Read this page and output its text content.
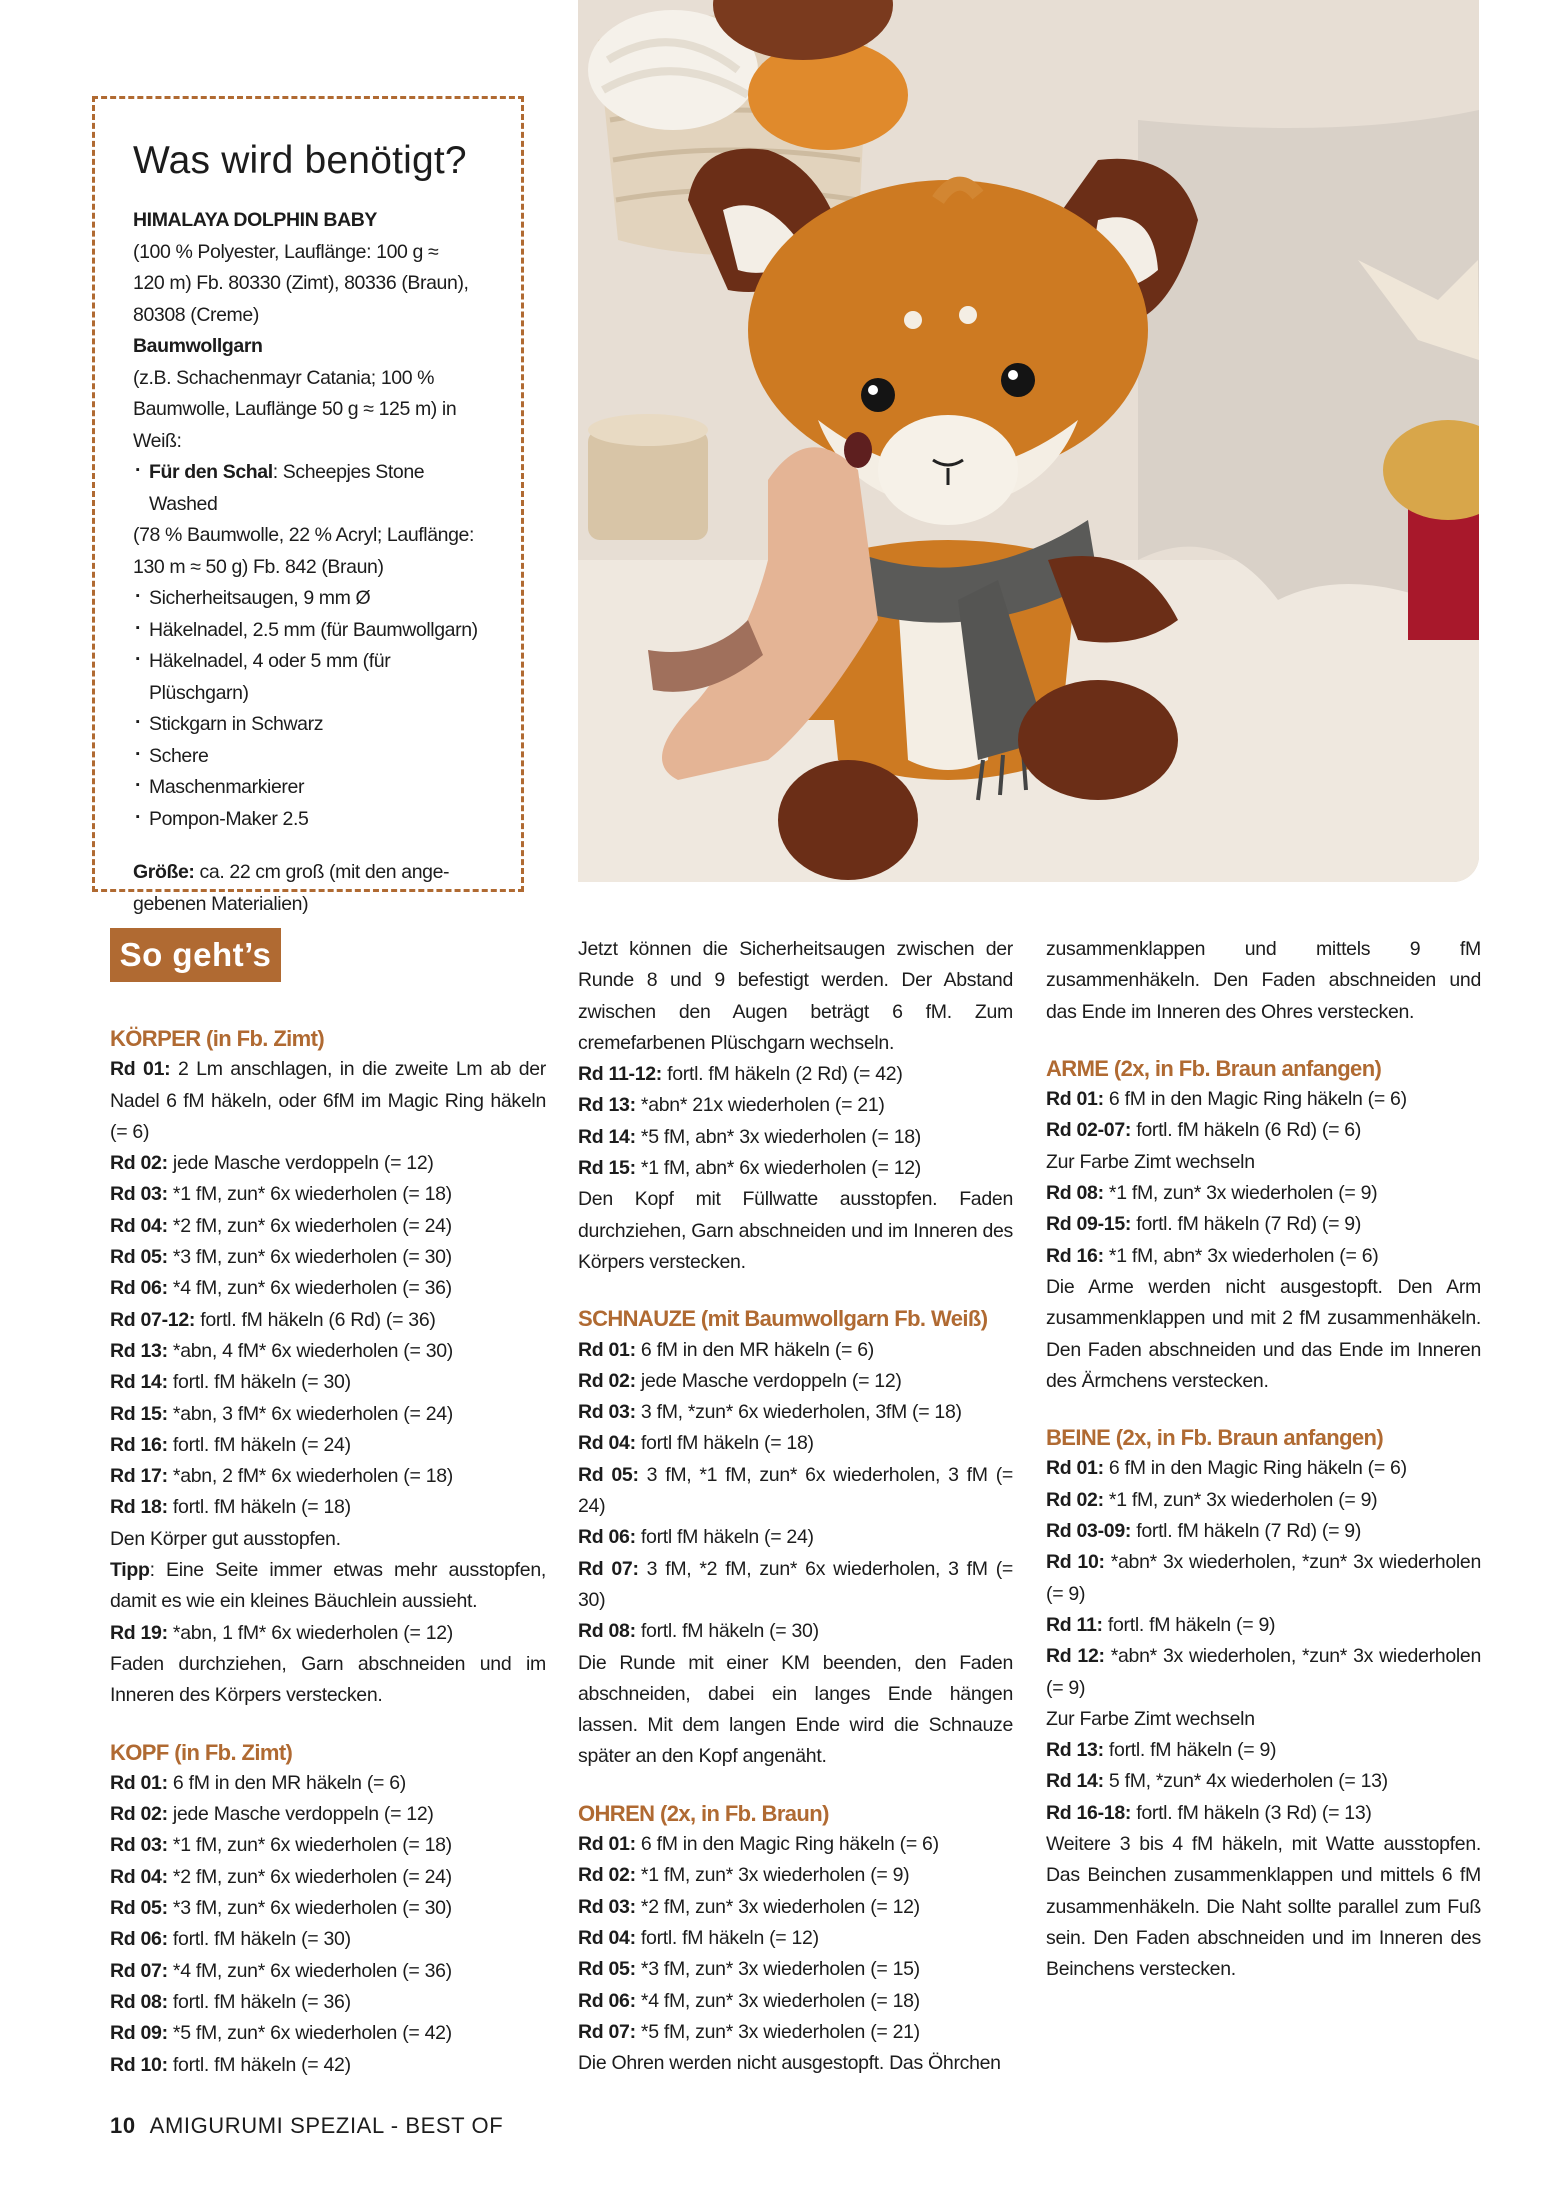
Was wird benötigt?
HIMALAYA DOLPHIN BABY
(100 % Polyester, Lauflänge: 100 g ≈
120 m) Fb. 80330 (Zimt), 80336 (Braun),
80308 (Creme)
Baumwollgarn
(z.B. Schachenmayr Catania; 100 %
Baumwolle, Lauflänge 50 g ≈ 125 m) in
Weiß:
· Für den Schal: Scheepjes Stone Washed
(78 % Baumwolle, 22 % Acryl; Lauflänge:
130 m ≈ 50 g) Fb. 842 (Braun)
· Sicherheitsaugen, 9 mm Ø
· Häkelnadel, 2.5 mm (für Baumwollgarn)
· Häkelnadel, 4 oder 5 mm (für Plüschgarn)
· Stickgarn in Schwarz
· Schere
· Maschenmarkierer
· Pompon-Maker 2.5
Größe: ca. 22 cm groß (mit den ange-
gebenen Materialien)
So geht’s
KÖRPER (in Fb. Zimt)

Rd 01: 2 Lm anschlagen, in die zweite Lm ab der Nadel 6 fM häkeln, oder 6fM im Magic Ring häkeln (= 6)

Rd 02: jede Masche verdoppeln (= 12)
Rd 03: *1 fM, zun* 6x wiederholen (= 18)
Rd 04: *2 fM, zun* 6x wiederholen (= 24)
Rd 05: *3 fM, zun* 6x wiederholen (= 30)
Rd 06: *4 fM, zun* 6x wiederholen (= 36)
Rd 07-12: fortl. fM häkeln (6 Rd) (= 36)
Rd 13: *abn, 4 fM* 6x wiederholen (= 30)
Rd 14: fortl. fM häkeln (= 30)
Rd 15: *abn, 3 fM* 6x wiederholen (= 24)
Rd 16: fortl. fM häkeln (= 24)
Rd 17: *abn, 2 fM* 6x wiederholen (= 18)
Rd 18: fortl. fM häkeln (= 18)
Den Körper gut ausstopfen.

Tipp: Eine Seite immer etwas mehr ausstopfen, damit es wie ein kleines Bäuchlein aussieht.

Rd 19: *abn, 1 fM* 6x wiederholen (= 12)

Faden durchziehen, Garn abschneiden und im Inneren des Körpers verstecken.

KOPF (in Fb. Zimt)
Rd 01: 6 fM in den MR häkeln (= 6)
Rd 02: jede Masche verdoppeln (= 12)
Rd 03: *1 fM, zun* 6x wiederholen (= 18)
Rd 04: *2 fM, zun* 6x wiederholen (= 24)
Rd 05: *3 fM, zun* 6x wiederholen (= 30)
Rd 06: fortl. fM häkeln (= 30)
Rd 07: *4 fM, zun* 6x wiederholen (= 36)
Rd 08: fortl. fM häkeln (= 36)
Rd 09: *5 fM, zun* 6x wiederholen (= 42)
Rd 10: fortl. fM häkeln (= 42)

Jetzt können die Sicherheitsaugen zwischen der Runde 8 und 9 befestigt werden. Der Abstand zwischen den Augen beträgt 6 fM. Zum cremefarbenen Plüschgarn wechseln.

Rd 11-12: fortl. fM häkeln (2 Rd) (= 42)
Rd 13: *abn* 21x wiederholen (= 21)
Rd 14: *5 fM, abn* 3x wiederholen (= 18)
Rd 15: *1 fM, abn* 6x wiederholen (= 12)

Den Kopf mit Füllwatte ausstopfen. Faden durchziehen, Garn abschneiden und im Inneren des Körpers verstecken.

SCHNAUZE (mit Baumwollgarn Fb. Weiß)
Rd 01: 6 fM in den MR häkeln (= 6)
Rd 02: jede Masche verdoppeln (= 12)
Rd 03: 3 fM, *zun* 6x wiederholen, 3fM (= 18)
Rd 04: fortl fM häkeln (= 18)

Rd 05: 3 fM, *1 fM, zun* 6x wiederholen, 3 fM (= 24)

Rd 06: fortl fM häkeln (= 24)

Rd 07: 3 fM, *2 fM, zun* 6x wiederholen, 3 fM (= 30)

Rd 08: fortl. fM häkeln (= 30)

Die Runde mit einer KM beenden, den Faden abschneiden, dabei ein langes Ende hängen lassen. Mit dem langen Ende wird die Schnauze später an den Kopf angenäht.

OHREN (2x, in Fb. Braun)
Rd 01: 6 fM in den Magic Ring häkeln (= 6)
Rd 02: *1 fM, zun* 3x wiederholen (= 9)
Rd 03: *2 fM, zun* 3x wiederholen (= 12)
Rd 04: fortl. fM häkeln (= 12)
Rd 05: *3 fM, zun* 3x wiederholen (= 15)
Rd 06: *4 fM, zun* 3x wiederholen (= 18)
Rd 07: *5 fM, zun* 3x wiederholen (= 21)
Die Ohren werden nicht ausgestopft. Das Öhrchen

zusammenklappen und mittels 9 fM zusammenhäkeln. Den Faden abschneiden und das Ende im Inneren des Ohres verstecken.

ARME (2x, in Fb. Braun anfangen)
Rd 01: 6 fM in den Magic Ring häkeln (= 6)
Rd 02-07: fortl. fM häkeln (6 Rd) (= 6)
Zur Farbe Zimt wechseln
Rd 08: *1 fM, zun* 3x wiederholen (= 9)
Rd 09-15: fortl. fM häkeln (7 Rd) (= 9)
Rd 16: *1 fM, abn* 3x wiederholen (= 6)

Die Arme werden nicht ausgestopft. Den Arm zusammenklappen und mit 2 fM zusammenhäkeln. Den Faden abschneiden und das Ende im Inneren des Ärmchens verstecken.

BEINE (2x, in Fb. Braun anfangen)
Rd 01: 6 fM in den Magic Ring häkeln (= 6)
Rd 02: *1 fM, zun* 3x wiederholen (= 9)
Rd 03-09: fortl. fM häkeln (7 Rd) (= 9)

Rd 10: *abn* 3x wiederholen, *zun* 3x wiederholen (= 9)

Rd 11: fortl. fM häkeln (= 9)

Rd 12: *abn* 3x wiederholen, *zun* 3x wiederholen (= 9)

Zur Farbe Zimt wechseln
Rd 13: fortl. fM häkeln (= 9)
Rd 14: 5 fM, *zun* 4x wiederholen (= 13)
Rd 16-18: fortl. fM häkeln (3 Rd) (= 13)

Weitere 3 bis 4 fM häkeln, mit Watte ausstopfen. Das Beinchen zusammenklappen und mittels 6 fM zusammenhäkeln. Die Naht sollte parallel zum Fuß sein. Den Faden abschneiden und im Inneren des Beinchens verstecken.

10 AMIGURUMI SPEZIAL - BEST OF
